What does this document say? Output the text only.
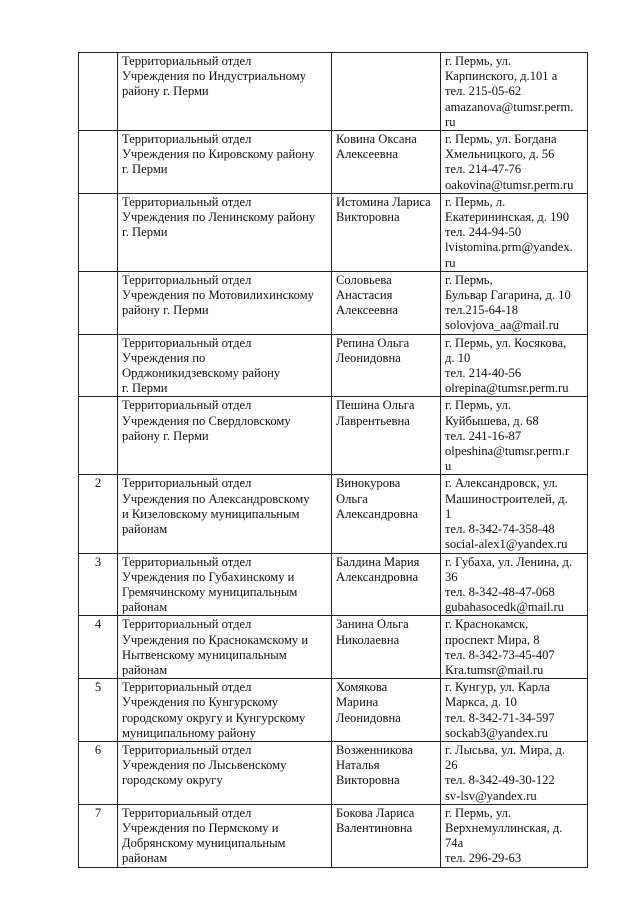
	Территориальный отдел
Учреждения по Индустриальному
району г. Перми		г. Пермь, ул.
Карпинского, д.101 а
тел. 215-05-62
amazanova@tumsr.perm.
ru

	Территориальный отдел
Учреждения по Кировскому району
г. Перми	Ковина Оксана
Алексеевна	г. Пермь, ул. Богдана
Хмельницкого, д. 56
тел. 214-47-76
oakovina@tumsr.perm.ru

	Территориальный отдел
Учреждения по Ленинскому району
г. Перми	Истомина Лариса
Викторовна	г. Пермь, л.
Екатерининская, д. 190
тел. 244-94-50
lvistomina.prm@yandex.
ru

	Территориальный отдел
Учреждения по Мотовилихинскому
району г. Перми	Соловьева
Анастасия
Алексеевна	г. Пермь,
Бульвар Гагарина, д. 10
тел.215-64-18
solovjova_aa@mail.ru

	Территориальный отдел
Учреждения по
Орджоникидзевскому району
г. Перми	Репина Ольга
Леонидовна	г. Пермь, ул. Косякова,
д. 10
тел. 214-40-56
olrepina@tumsr.perm.ru

	Территориальный отдел
Учреждения по Свердловскому
району г. Перми	Пешина Ольга
Лаврентьевна	г. Пермь, ул.
Куйбышева, д. 68
тел. 241-16-87
olpeshina@tumsr.perm.r
u

2	Территориальный отдел
Учреждения по Александровскому
и Кизеловскому муниципальным
районам	Винокурова
Ольга
Александровна	г. Александровск, ул.
Машиностроителей, д.
1
тел. 8-342-74-358-48
social-alex1@yandex.ru

3	Территориальный отдел
Учреждения по Губахинскому и
Гремячинскому муниципальным
районам	Балдина Мария
Александровна	г. Губаха, ул. Ленина, д.
36
тел. 8-342-48-47-068
gubahasocedk@mail.ru

4	Территориальный отдел
Учреждения по Краснокамскому и
Нытвенскому муниципальным
районам	Занина Ольга
Николаевна	г. Краснокамск,
проспект Мира, 8
тел. 8-342-73-45-407
Kra.tumsr@mail.ru

5	Территориальный отдел
Учреждения по Кунгурскому
городскому округу и Кунгурскому
муниципальному району	Хомякова
Марина
Леонидовна	г. Кунгур, ул. Карла
Маркса, д. 10
тел. 8-342-71-34-597
sockab3@yandex.ru

6	Территориальный отдел
Учреждения по Лысьвенскому
городскому округу	Возженникова
Наталья
Викторовна	г. Лысьва, ул. Мира, д.
26
тел. 8-342-49-30-122
sv-lsv@yandex.ru

7	Территориальный отдел
Учреждения по Пермскому и
Добрянскому муниципальным
районам	Бокова Лариса
Валентиновна	г. Пермь, ул.
Верхнемуллинская, д.
74а
тел. 296-29-63
